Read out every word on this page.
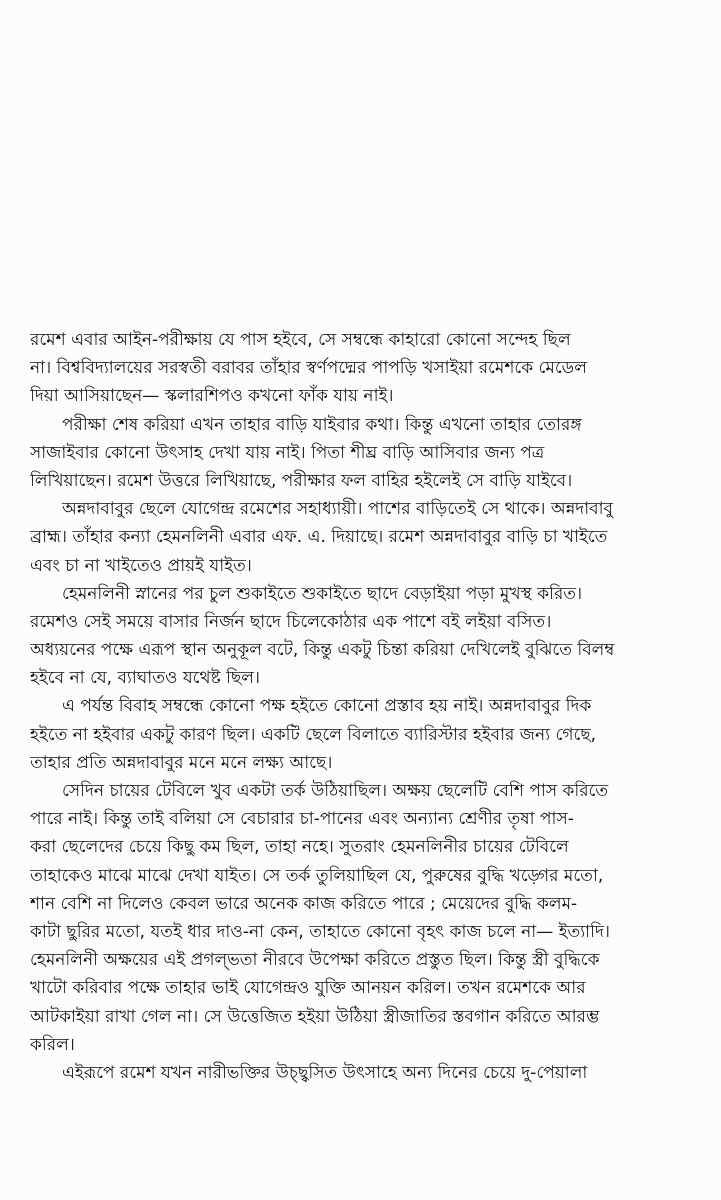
রমেশ এবার আইন-পরীক্ষায় যে পাস হইবে, সে সম্বন্ধে কাহারো কোনো সন্দেহ ছিল
না। বিশ্ববিদ্যালয়ের সরস্বতী বরাবর তাঁহার স্বর্ণপদ্মের পাপড়ি খসাইয়া রমেশকে মেডেল
দিয়া আসিয়াছেন— স্কলারশিপও কখনো ফাঁক যায় নাই।
পরীক্ষা শেষ করিয়া এখন তাহার বাড়ি যাইবার কথা। কিন্তু এখনো তাহার তোরঙ্গ
সাজাইবার কোনো উৎসাহ দেখা যায় নাই। পিতা শীঘ্র বাড়ি আসিবার জন্য পত্র
লিখিয়াছেন। রমেশ উত্তরে লিখিয়াছে, পরীক্ষার ফল বাহির হইলেই সে বাড়ি যাইবে।
অন্নদাবাবুর ছেলে যোগেন্দ্র রমেশের সহাধ্যায়ী। পাশের বাড়িতেই সে থাকে। অন্নদাবাবু
ব্রাহ্ম। তাঁহার কন্যা হেমনলিনী এবার এফ. এ. দিয়াছে। রমেশ অন্নদাবাবুর বাড়ি চা খাইতে
এবং চা না খাইতেও প্রায়ই যাইত।
হেমনলিনী স্নানের পর চুল শুকাইতে শুকাইতে ছাদে বেড়াইয়া পড়া মুখস্থ করিত।
রমেশও সেই সময়ে বাসার নির্জন ছাদে চিলেকোঠার এক পাশে বই লইয়া বসিত।
অধ্যয়নের পক্ষে এরূপ স্থান অনুকূল বটে, কিন্তু একটু চিন্তা করিয়া দেখিলেই বুঝিতে বিলম্ব
হইবে না যে, ব্যাঘাতও যথেষ্ট ছিল।
এ পর্যন্ত বিবাহ সম্বন্ধে কোনো পক্ষ হইতে কোনো প্রস্তাব হয় নাই। অন্নদাবাবুর দিক
হইতে না হইবার একটু কারণ ছিল। একটি ছেলে বিলাতে ব্যারিস্টার হইবার জন্য গেছে,
তাহার প্রতি অন্নদাবাবুর মনে মনে লক্ষ্য আছে।
সেদিন চায়ের টেবিলে খুব একটা তর্ক উঠিয়াছিল। অক্ষয় ছেলেটি বেশি পাস করিতে
পারে নাই। কিন্তু তাই বলিয়া সে বেচারার চা-পানের এবং অন্যান্য শ্রেণীর তৃষা পাস-
করা ছেলেদের চেয়ে কিছু কম ছিল, তাহা নহে। সুতরাং হেমনলিনীর চায়ের টেবিলে
তাহাকেও মাঝে মাঝে দেখা যাইত। সে তর্ক তুলিয়াছিল যে, পুরুষের বুদ্ধি খড়্গের মতো,
শান বেশি না দিলেও কেবল ভারে অনেক কাজ করিতে পারে ; মেয়েদের বুদ্ধি কলম-
কাটা ছুরির মতো, যতই ধার দাও-না কেন, তাহাতে কোনো বৃহৎ কাজ চলে না— ইত্যাদি।
হেমনলিনী অক্ষয়ের এই প্রগল্‌ভতা নীরবে উপেক্ষা করিতে প্রস্তুত ছিল। কিন্তু স্ত্রী বুদ্ধিকে
খাটো করিবার পক্ষে তাহার ভাই যোগেন্দ্রও যুক্তি আনয়ন করিল। তখন রমেশকে আর
আটকাইয়া রাখা গেল না। সে উত্তেজিত হইয়া উঠিয়া স্ত্রীজাতির স্তবগান করিতে আরম্ভ
করিল।
এইরূপে রমেশ যখন নারীভক্তির উচ্ছ্বসিত উৎসাহে অন্য দিনের চেয়ে দু-পেয়ালা
